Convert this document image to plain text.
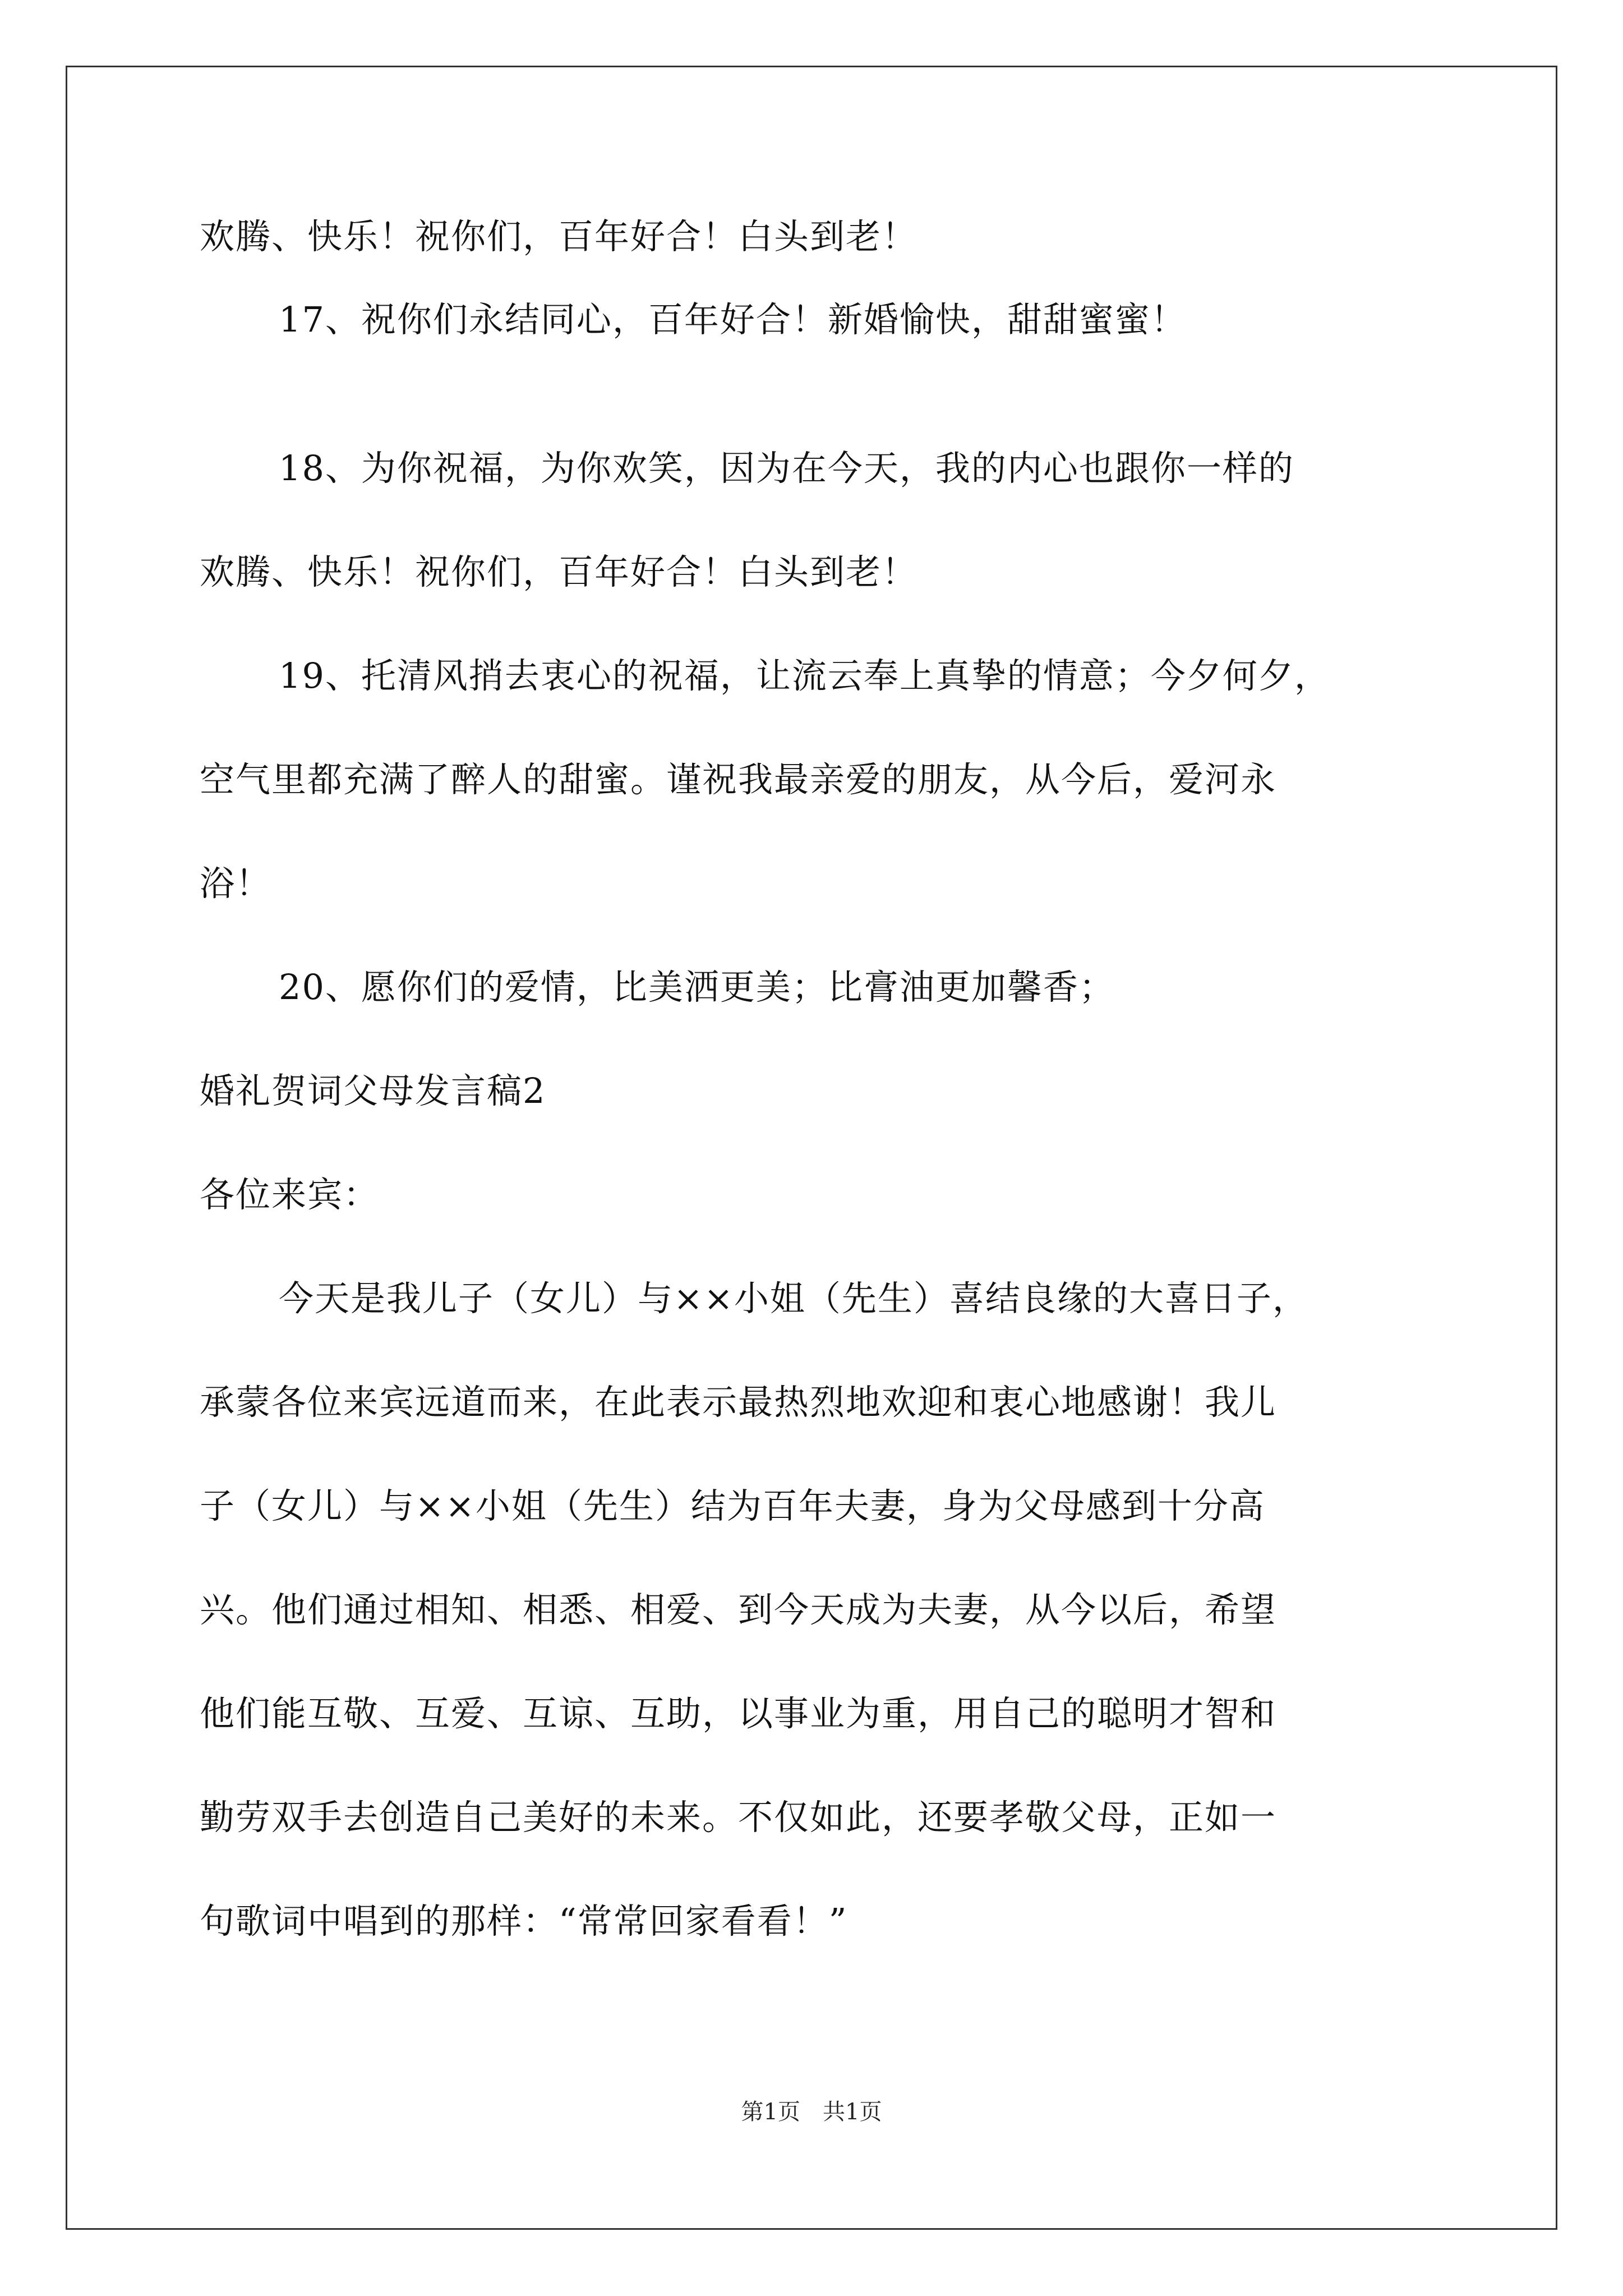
欢腾、快乐！祝你们，百年好合！白头到老！
17、祝你们永结同心，百年好合！新婚愉快，甜甜蜜蜜！
18、为你祝福，为你欢笑，因为在今天，我的内心也跟你一样的
欢腾、快乐！祝你们，百年好合！白头到老！
19、托清风捎去衷心的祝福，让流云奉上真挚的情意；今夕何夕，
空气里都充满了醉人的甜蜜。谨祝我最亲爱的朋友，从今后，爱河永
浴！
20、愿你们的爱情，比美洒更美；比膏油更加馨香；
婚礼贺词父母发言稿2
各位来宾：
今天是我儿子（女儿）与××小姐（先生）喜结良缘的大喜日子，
承蒙各位来宾远道而来，在此表示最热烈地欢迎和衷心地感谢！我儿
子（女儿）与××小姐（先生）结为百年夫妻，身为父母感到十分高
兴。他们通过相知、相悉、相爱、到今天成为夫妻，从今以后，希望
他们能互敬、互爱、互谅、互助，以事业为重，用自己的聪明才智和
勤劳双手去创造自己美好的未来。不仅如此，还要孝敬父母，正如一
句歌词中唱到的那样：“常常回家看看！”
第1页　共1页
